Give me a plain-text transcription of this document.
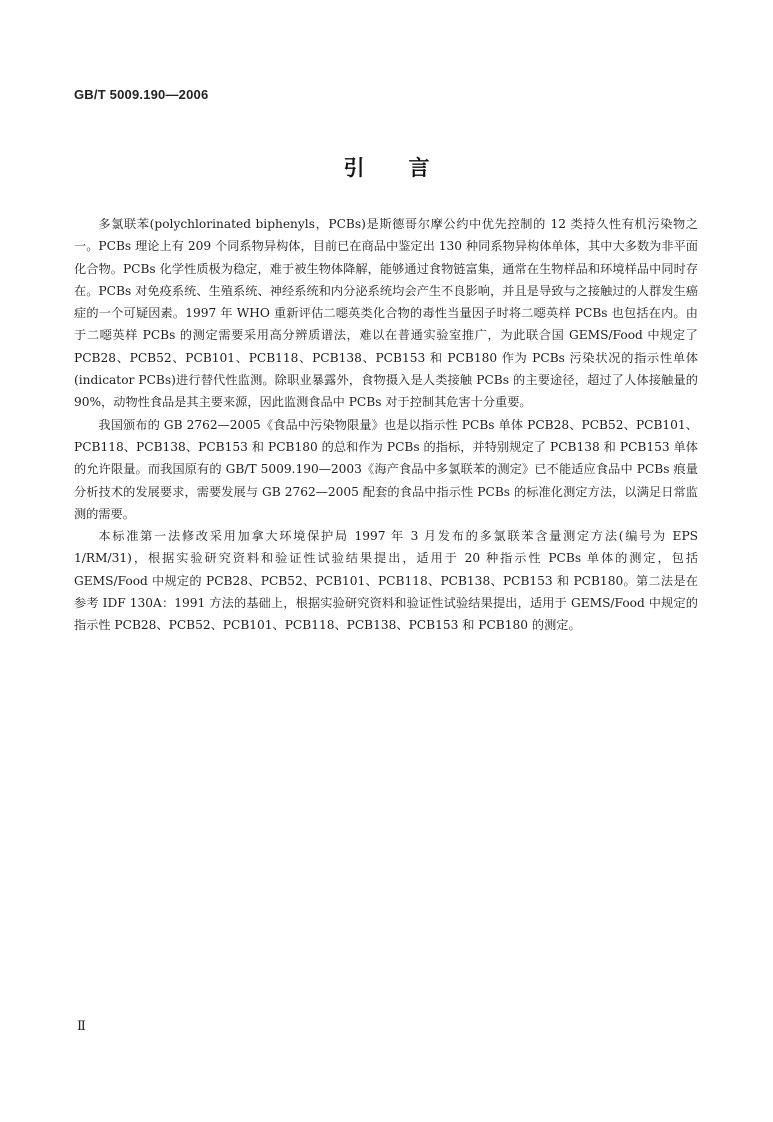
GB/T 5009.190—2006
引言

多氯联苯(polychlorinated biphenyls，PCBs)是斯德哥尔摩公约中优先控制的 12 类持久性有机污染物之一。PCBs 理论上有 209 个同系物异构体，目前已在商品中鉴定出 130 种同系物异构体单体，其中大多数为非平面化合物。PCBs 化学性质极为稳定，难于被生物体降解，能够通过食物链富集，通常在生物样品和环境样品中同时存在。PCBs 对免疫系统、生殖系统、神经系统和内分泌系统均会产生不良影响，并且是导致与之接触过的人群发生癌症的一个可疑因素。1997 年 WHO 重新评估二噁英类化合物的毒性当量因子时将二噁英样 PCBs 也包括在内。由于二噁英样 PCBs 的测定需要采用高分辨质谱法，难以在普通实验室推广，为此联合国 GEMS/Food 中规定了 PCB28、PCB52、PCB101、PCB118、PCB138、PCB153 和 PCB180 作为 PCBs 污染状况的指示性单体(indicator PCBs)进行替代性监测。除职业暴露外，食物摄入是人类接触 PCBs 的主要途径，超过了人体接触量的 90%，动物性食品是其主要来源，因此监测食品中 PCBs 对于控制其危害十分重要。

我国颁布的 GB 2762—2005《食品中污染物限量》也是以指示性 PCBs 单体 PCB28、PCB52、PCB101、PCB118、PCB138、PCB153 和 PCB180 的总和作为 PCBs 的指标，并特别规定了 PCB138 和 PCB153 单体的允许限量。而我国原有的 GB/T 5009.190—2003《海产食品中多氯联苯的测定》已不能适应食品中 PCBs 痕量分析技术的发展要求，需要发展与 GB 2762—2005 配套的食品中指示性 PCBs 的标准化测定方法，以满足日常监测的需要。

本标准第一法修改采用加拿大环境保护局 1997 年 3 月发布的多氯联苯含量测定方法(编号为 EPS 1/RM/31)，根据实验研究资料和验证性试验结果提出，适用于 20 种指示性 PCBs 单体的测定，包括 GEMS/Food 中规定的 PCB28、PCB52、PCB101、PCB118、PCB138、PCB153 和 PCB180。第二法是在参考 IDF 130A：1991 方法的基础上，根据实验研究资料和验证性试验结果提出，适用于 GEMS/Food 中规定的指示性 PCB28、PCB52、PCB101、PCB118、PCB138、PCB153 和 PCB180 的测定。

Ⅱ
